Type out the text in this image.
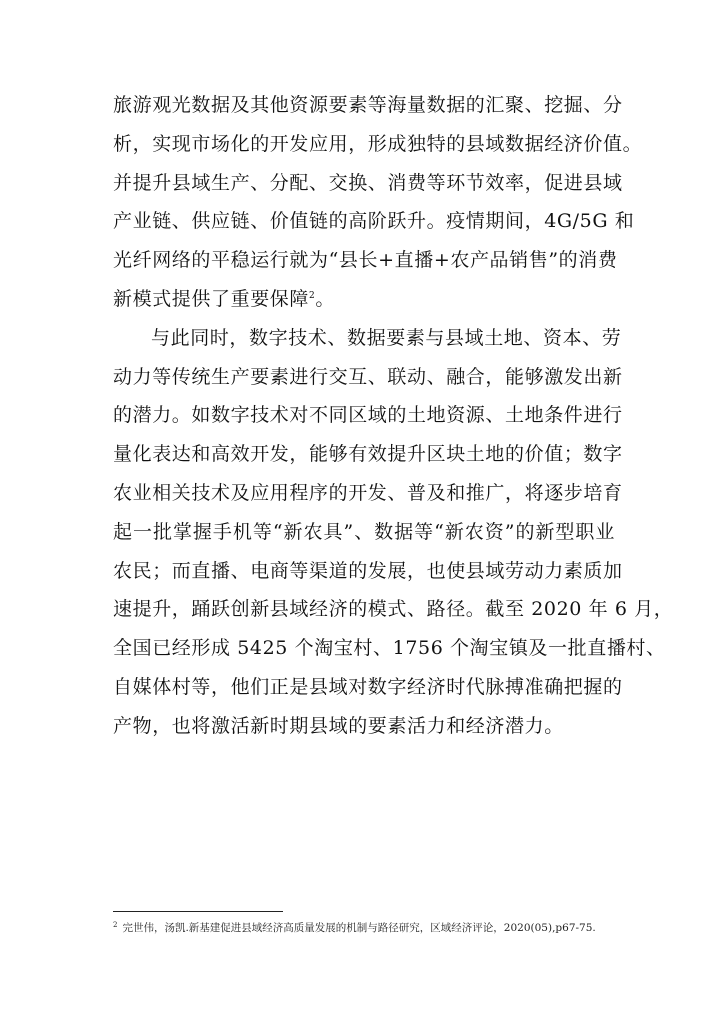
旅游观光数据及其他资源要素等海量数据的汇聚、挖掘、分
析，实现市场化的开发应用，形成独特的县域数据经济价值。
并提升县域生产、分配、交换、消费等环节效率，促进县域
产业链、供应链、价值链的高阶跃升。疫情期间，4G/5G 和
光纤网络的平稳运行就为“县长+直播+农产品销售”的消费
新模式提供了重要保障$^2$。
与此同时，数字技术、数据要素与县域土地、资本、劳
动力等传统生产要素进行交互、联动、融合，能够激发出新
的潜力。如数字技术对不同区域的土地资源、土地条件进行
量化表达和高效开发，能够有效提升区块土地的价值；数字
农业相关技术及应用程序的开发、普及和推广，将逐步培育
起一批掌握手机等“新农具”、数据等“新农资”的新型职业
农民；而直播、电商等渠道的发展，也使县域劳动力素质加
速提升，踊跃创新县域经济的模式、路径。截至 2020 年 6 月，
全国已经形成 5425 个淘宝村、1756 个淘宝镇及一批直播村、
自媒体村等，他们正是县域对数字经济时代脉搏准确把握的
产物，也将激活新时期县域的要素活力和经济潜力。
$^2$ 完世伟，汤凯.新基建促进县域经济高质量发展的机制与路径研究，区域经济评论，2020(05),p67-75.
